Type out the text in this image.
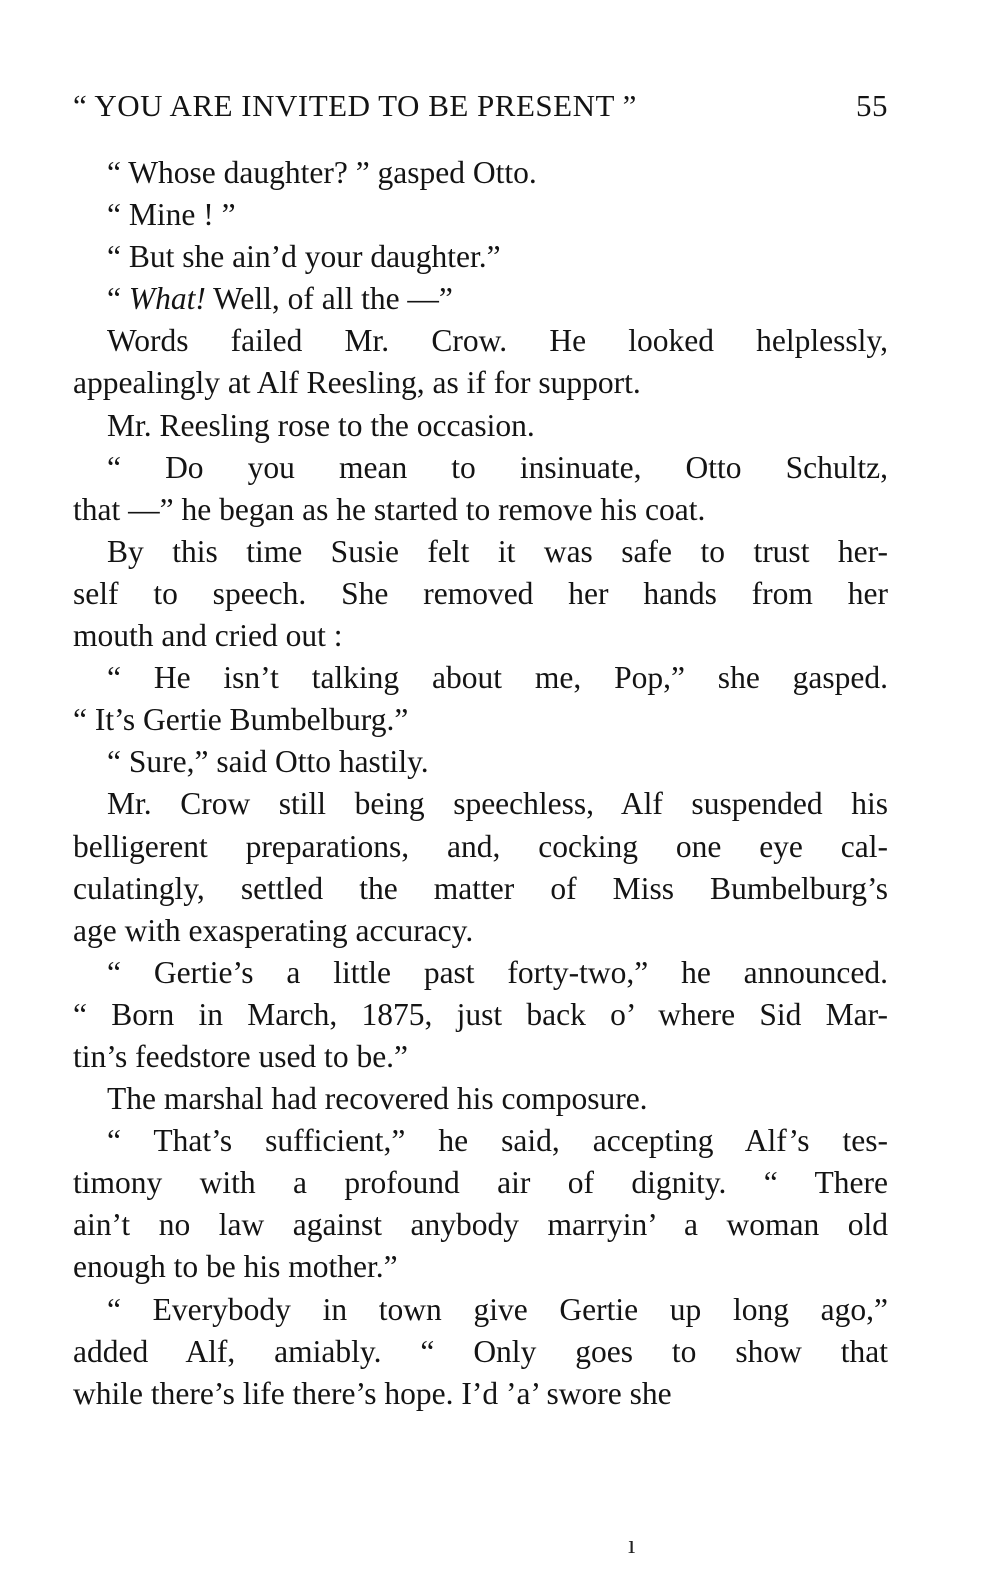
“ YOU ARE INVITED TO BE PRESENT ”	55
“ Whose daughter? ” gasped Otto.
“ Mine ! ”
“ But she ain’d your daughter.”
“ What! Well, of all the —”
Words failed Mr. Crow. He looked helplessly,
appealingly at Alf Reesling, as if for support.
Mr. Reesling rose to the occasion.
“ Do you mean to insinuate, Otto Schultz,
that —” he began as he started to remove his coat.
By this time Susie felt it was safe to trust her-
self to speech. She removed her hands from her
mouth and cried out :
“ He isn’t talking about me, Pop,” she gasped.
“ It’s Gertie Bumbelburg.”
“ Sure,” said Otto hastily.
Mr. Crow still being speechless, Alf suspended his
belligerent preparations, and, cocking one eye cal-
culatingly, settled the matter of Miss Bumbelburg’s
age with exasperating accuracy.
“ Gertie’s a little past forty-two,” he announced.
“ Born in March, 1875, just back o’ where Sid Mar-
tin’s feedstore used to be.”
The marshal had recovered his composure.
“ That’s sufficient,” he said, accepting Alf’s tes-
timony with a profound air of dignity. “ There
ain’t no law against anybody marryin’ a woman old
enough to be his mother.”
“ Everybody in town give Gertie up long ago,”
added Alf, amiably. “ Only goes to show that
while there’s life there’s hope. I’d ’a’ swore she
ı
